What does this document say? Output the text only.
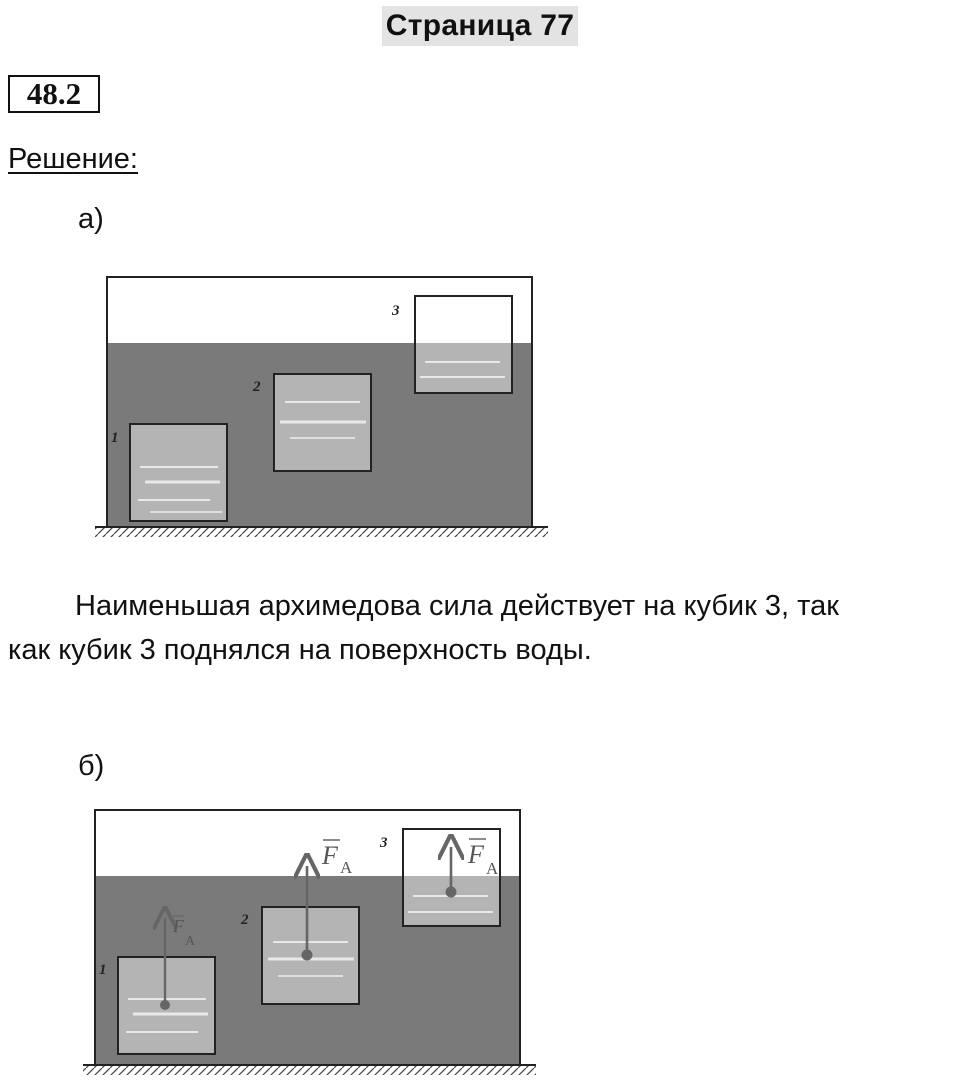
Страница 77
48.2
Решение:
а)
1
2
3
Наименьшая архимедова сила действует на кубик 3, так
как кубик 3 поднялся на поверхность воды.
б)
1
2
3
F
A
F A	F A
